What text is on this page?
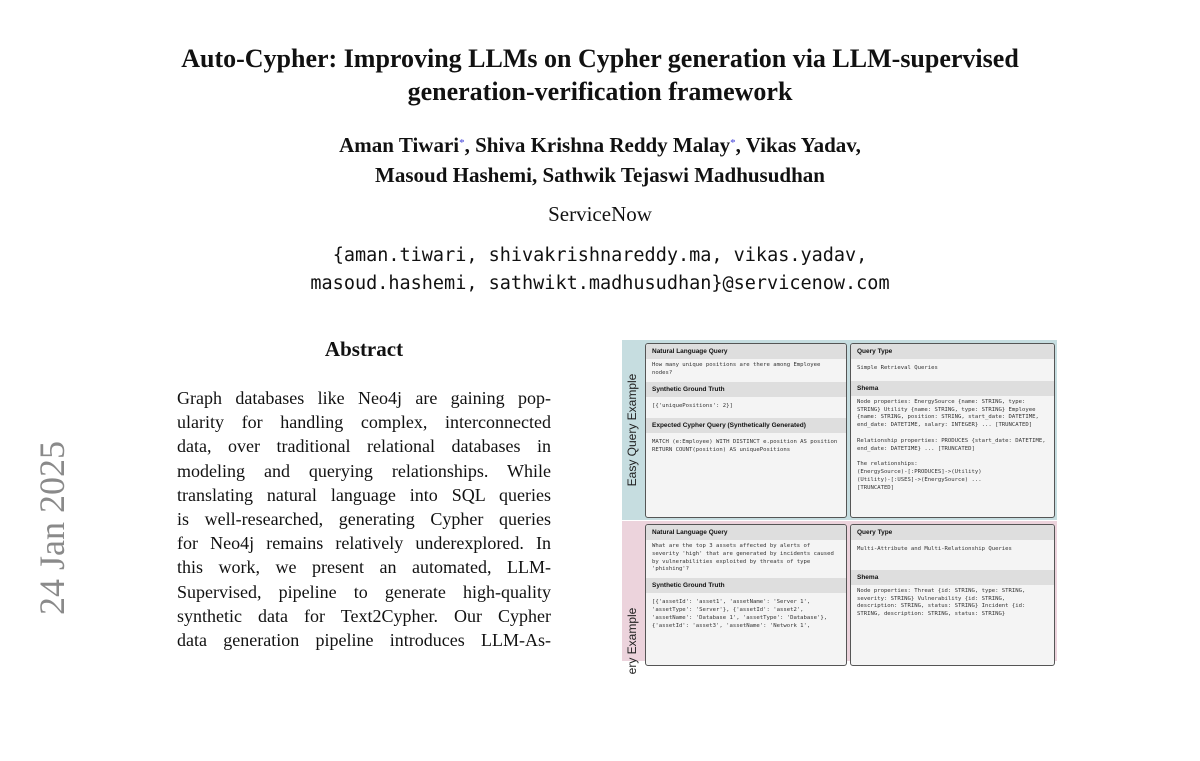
24 Jan 2025
Auto-Cypher: Improving LLMs on Cypher generation via LLM-supervised
generation-verification framework
Aman Tiwari*, Shiva Krishna Reddy Malay*, Vikas Yadav,
Masoud Hashemi, Sathwik Tejaswi Madhusudhan
ServiceNow
{aman.tiwari, shivakrishnareddy.ma, vikas.yadav,
masoud.hashemi, sathwikt.madhusudhan}@servicenow.com
Abstract
Graph databases like Neo4j are gaining pop-
ularity for handling complex, interconnected
data, over traditional relational databases in
modeling and querying relationships. While
translating natural language into SQL queries
is well-researched, generating Cypher queries
for Neo4j remains relatively underexplored. In
this work, we present an automated, LLM-
Supervised, pipeline to generate high-quality
synthetic data for Text2Cypher. Our Cypher
data generation pipeline introduces LLM-As-
Easy Query Example
Natural Language Query
How many unique positions are there among Employee nodes?
Synthetic Ground Truth
[{'uniquePositions': 2}]
Expected Cypher Query (Synthetically Generated)
MATCH (e:Employee) WITH DISTINCT e.position AS position RETURN COUNT(position) AS uniquePositions
Query Type
Simple Retrieval Queries
Shema
Node properties: EnergySource {name: STRING, type: STRING} Utility {name: STRING, type: STRING} Employee {name: STRING, position: STRING, start_date: DATETIME, end_date: DATETIME, salary: INTEGER} ... [TRUNCATED]

Relationship properties: PRODUCES {start_date: DATETIME, end_date: DATETIME} ... [TRUNCATED]

The relationships:
(EnergySource)-[:PRODUCES]->(Utility)
(Utility)-[:USES]->(EnergySource) ...
[TRUNCATED]
ery Example
Natural Language Query
What are the top 3 assets affected by alerts of severity 'high' that are generated by incidents caused by vulnerabilities exploited by threats of type 'phishing'?
Synthetic Ground Truth
[{'assetId': 'asset1', 'assetName': 'Server 1', 'assetType': 'Server'}, {'assetId': 'asset2', 'assetName': 'Database 1', 'assetType': 'Database'}, {'assetId': 'asset3', 'assetName': 'Network 1',
Query Type
Multi-Attribute and Multi-Relationship Queries
Shema
Node properties: Threat {id: STRING, type: STRING, severity: STRING} Vulnerability {id: STRING, description: STRING, status: STRING} Incident {id: STRING, description: STRING, status: STRING}
